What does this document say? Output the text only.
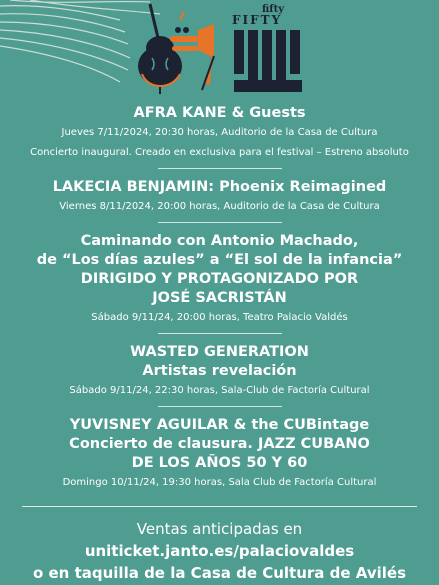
fifty
FIFTY
AFRA KANE & Guests
Jueves 7/11/2024, 20:30 horas, Auditorio de la Casa de Cultura
Concierto inaugural. Creado en exclusiva para el festival – Estreno absoluto
LAKECIA BENJAMIN: Phoenix Reimagined
Viernes 8/11/2024, 20:00 horas, Auditorio de la Casa de Cultura
Caminando con Antonio Machado,
de “Los días azules” a “El sol de la infancia”
DIRIGIDO Y PROTAGONIZADO POR
JOSÉ SACRISTÁN
Sábado 9/11/24, 20:00 horas, Teatro Palacio Valdés
WASTED GENERATION
Artistas revelación
Sábado 9/11/24, 22:30 horas, Sala-Club de Factoría Cultural
YUVISNEY AGUILAR & the CUBintage
Concierto de clausura. JAZZ CUBANO
DE LOS AÑOS 50 Y 60
Domingo 10/11/24, 19:30 horas, Sala Club de Factoría Cultural
Ventas anticipadas en
uniticket.janto.es/palaciovaldes
o en taquilla de la Casa de Cultura de Avilés
